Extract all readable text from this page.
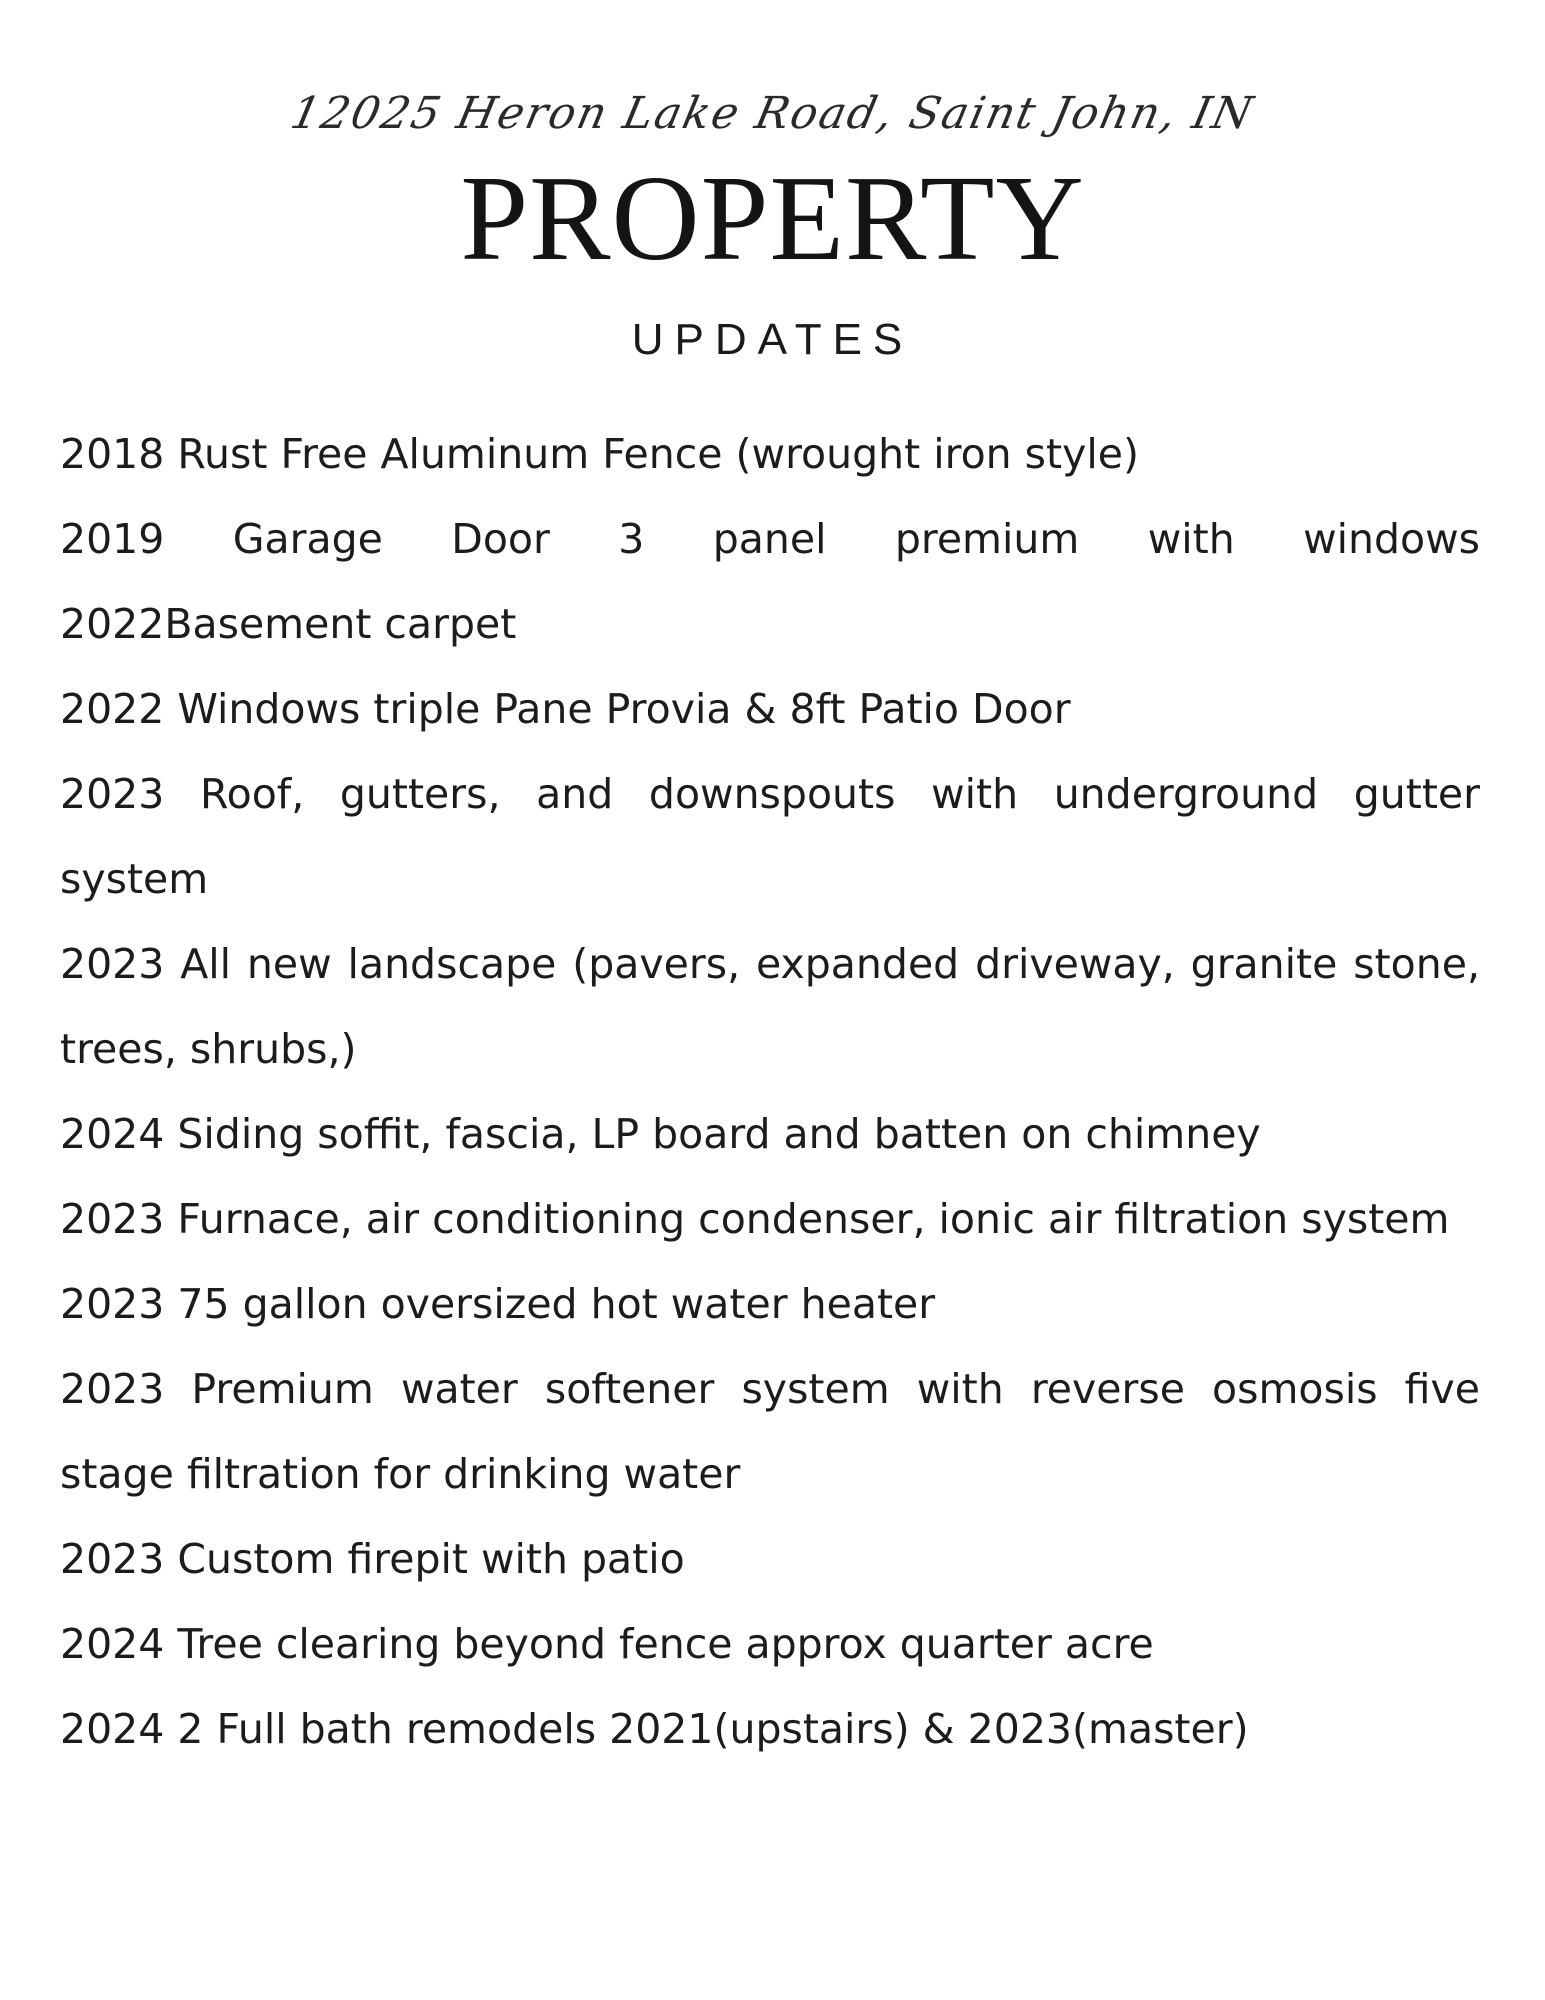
12025 Heron Lake Road, Saint John, IN
PROPERTY
UPDATES
2018 Rust Free Aluminum Fence (wrought iron style)
2019 Garage Door 3 panel premium with windows
2022Basement carpet
2022 Windows triple Pane Provia & 8ft Patio Door
2023 Roof, gutters, and downspouts with underground gutter system
2023 All new landscape (pavers, expanded driveway, granite stone, trees, shrubs,)
2024 Siding soffit, fascia, LP board and batten on chimney
2023 Furnace, air conditioning condenser, ionic air filtration system
2023 75 gallon oversized hot water heater
2023 Premium water softener system with reverse osmosis five stage filtration for drinking water
2023 Custom firepit with patio
2024 Tree clearing beyond fence approx quarter acre
2024 2 Full bath remodels 2021(upstairs) & 2023(master)
